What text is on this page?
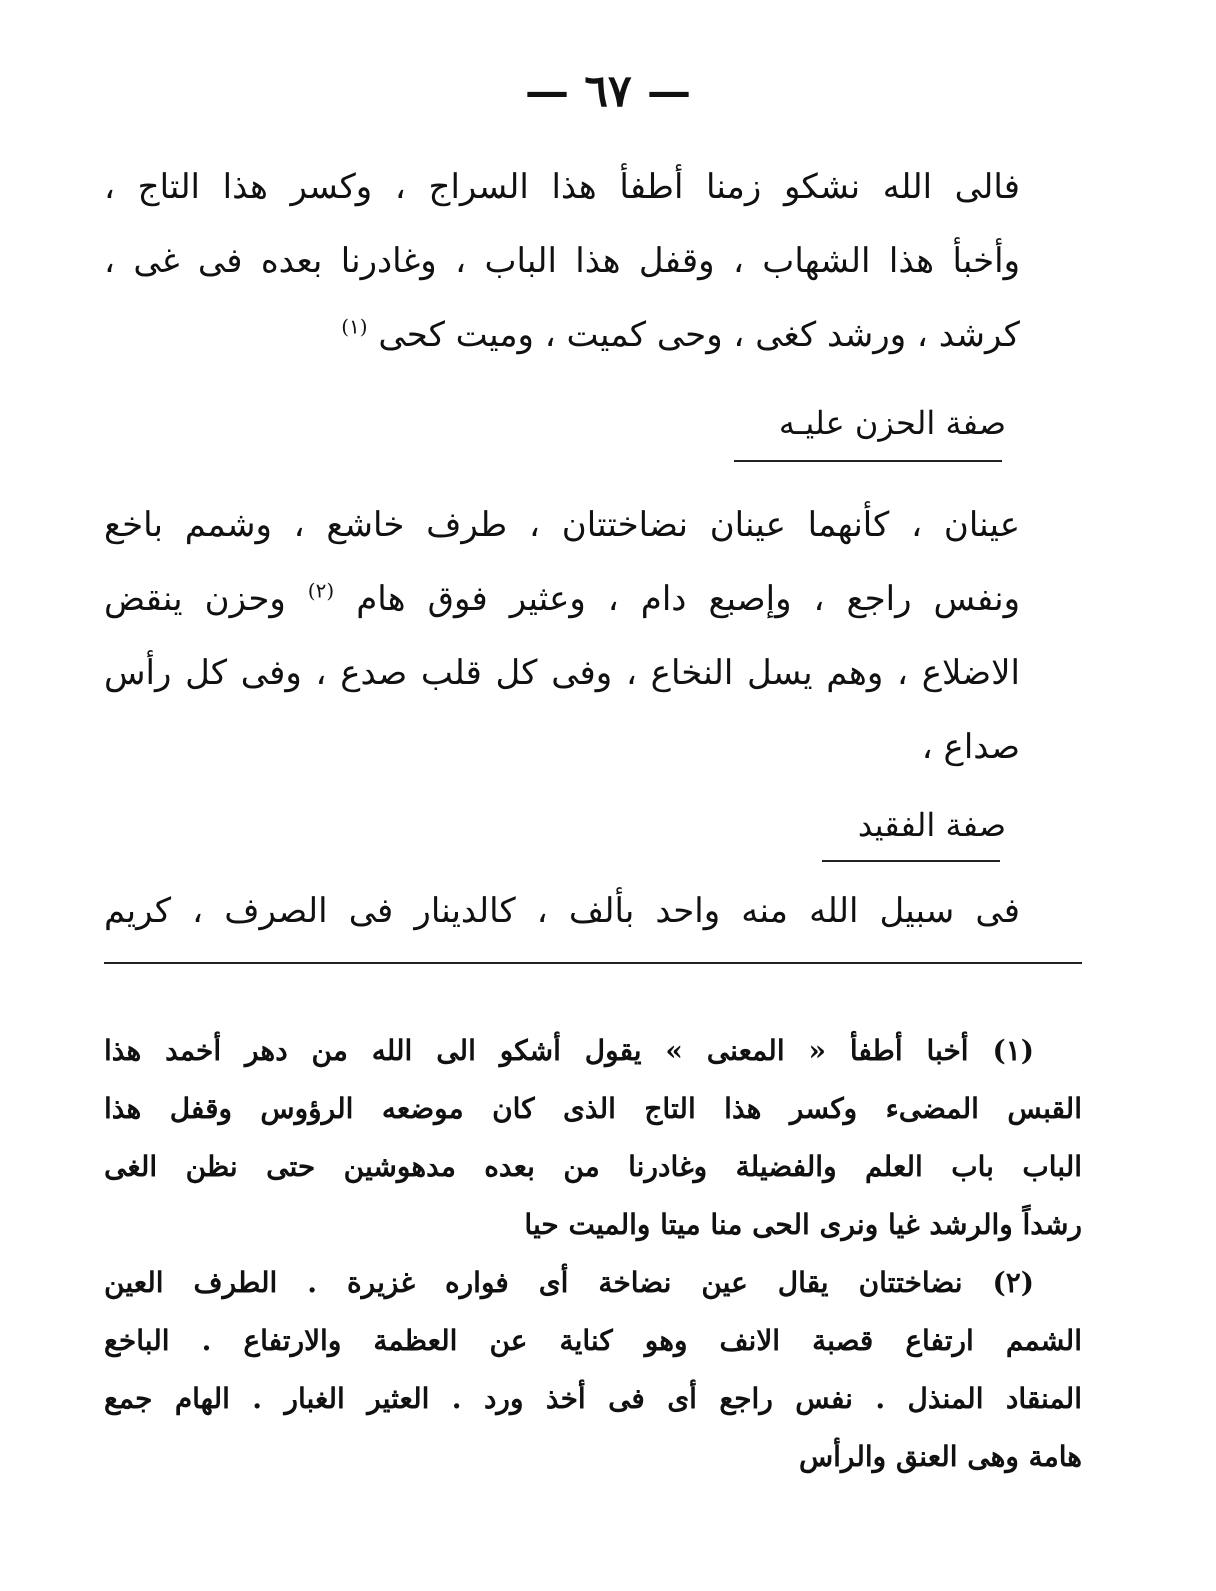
— ٦٧ —
فالى الله نشكو زمنا أطفأ هذا السراج ، وكسر هذا التاج ،
وأخبأ هذا الشهاب ، وقفل هذا الباب ، وغادرنا بعده فى غى ،
كرشد ، ورشد كغى ، وحى كميت ، وميت كحى $^{(١)}$
صفة الحزن عليـه
عينان ، كأنهما عينان نضاختتان ، طرف خاشع ، وشمم باخع
ونفس راجع ، وإصبع دام ، وعثير فوق هام $^{(٢)}$ وحزن ينقض
الاضلاع ، وهم يسل النخاع ، وفى كل قلب صدع ، وفى كل رأس
صداع ،
صفة الفقيد
فى سبيل الله منه واحد بألف ، كالدينار فى الصرف ، كريم
(١) أخبا أطفأ « المعنى » يقول أشكو الى الله من دهر أخمد هذا
القبس المضىء وكسر هذا التاج الذى كان موضعه الرؤوس وقفل هذا
الباب باب العلم والفضيلة وغادرنا من بعده مدهوشين حتى نظن الغى
رشداً والرشد غيا ونرى الحى منا ميتا والميت حيا
(٢) نضاختتان يقال عين نضاخة أى فواره غزيرة . الطرف العين
الشمم ارتفاع قصبة الانف وهو كناية عن العظمة والارتفاع . الباخع
المنقاد المنذل . نفس راجع أى فى أخذ ورد . العثير الغبار . الهام جمع
هامة وهى العنق والرأس
